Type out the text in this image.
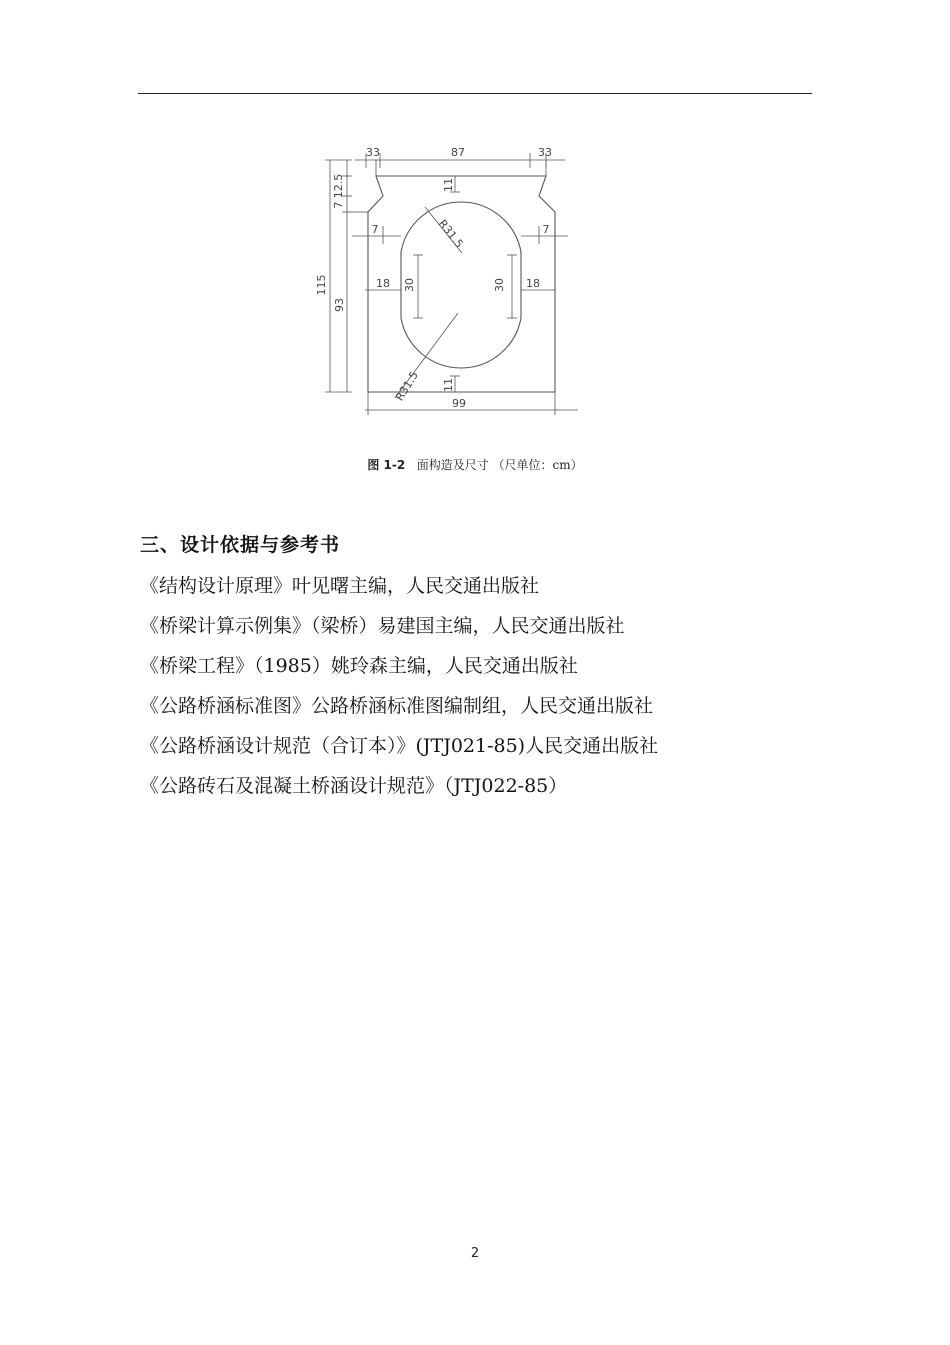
33	87	33
12.5
7
115
93
7	7
11
11
R31.5
R31.5
18	18
30	30
99
图 1-2 面构造及尺寸 （尺单位：cm）
三、设计依据与参考书
《结构设计原理》叶见曙主编，人民交通出版社
《桥梁计算示例集》（梁桥）易建国主编，人民交通出版社
《桥梁工程》（1985）姚玲森主编，人民交通出版社
《公路桥涵标准图》公路桥涵标准图编制组，人民交通出版社
《公路桥涵设计规范（合订本）》(JTJ021-85)人民交通出版社
《公路砖石及混凝土桥涵设计规范》（JTJ022-85）
2
